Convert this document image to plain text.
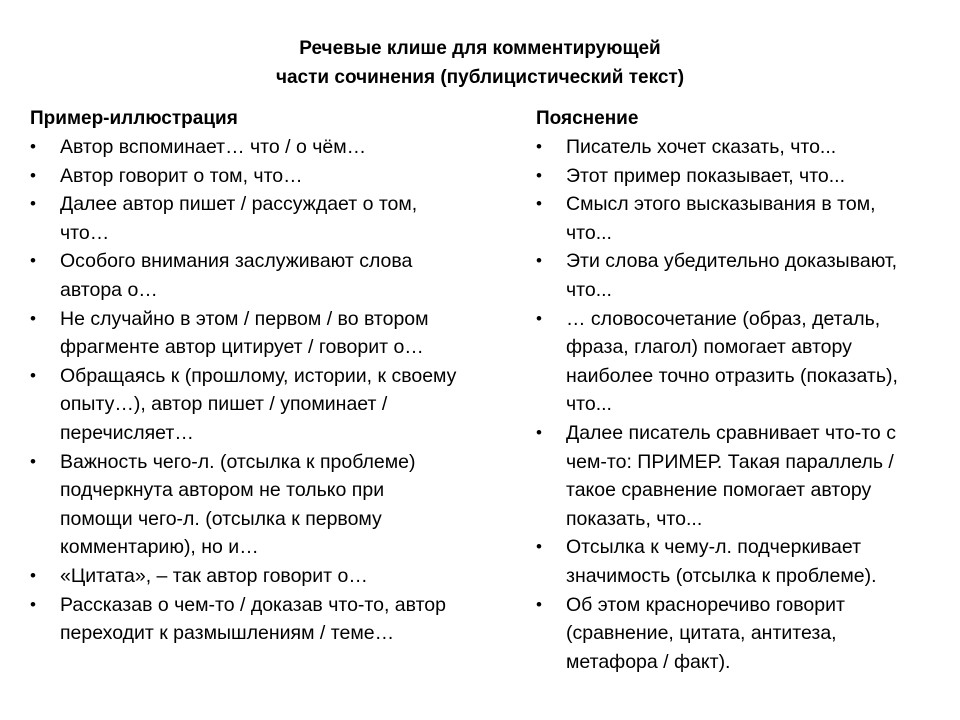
Речевые клише для комментирующей
части сочинения (публицистический текст)
Пример-иллюстрация
• Автор вспоминает… что / о чём…
• Автор говорит о том, что…
• Далее автор пишет / рассуждает о том,
что…
• Особого внимания заслуживают слова
автора о…
• Не случайно в этом / первом / во втором
фрагменте автор цитирует / говорит о…
• Обращаясь к (прошлому, истории, к своему
опыту…), автор пишет / упоминает /
перечисляет…
• Важность чего-л. (отсылка к проблеме)
подчеркнута автором не только при
помощи чего-л. (отсылка к первому
комментарию), но и…
• «Цитата», – так автор говорит о…
• Рассказав о чем-то / доказав что-то, автор
переходит к размышлениям / теме…
Пояснение
• Писатель хочет сказать, что...
• Этот пример показывает, что...
• Смысл этого высказывания в том,
что...
• Эти слова убедительно доказывают,
что...
• … словосочетание (образ, деталь,
фраза, глагол) помогает автору
наиболее точно отразить (показать),
что...
• Далее писатель сравнивает что-то с
чем-то: ПРИМЕР. Такая параллель /
такое сравнение помогает автору
показать, что...
• Отсылка к чему-л. подчеркивает
значимость (отсылка к проблеме).
• Об этом красноречиво говорит
(сравнение, цитата, антитеза,
метафора / факт).
